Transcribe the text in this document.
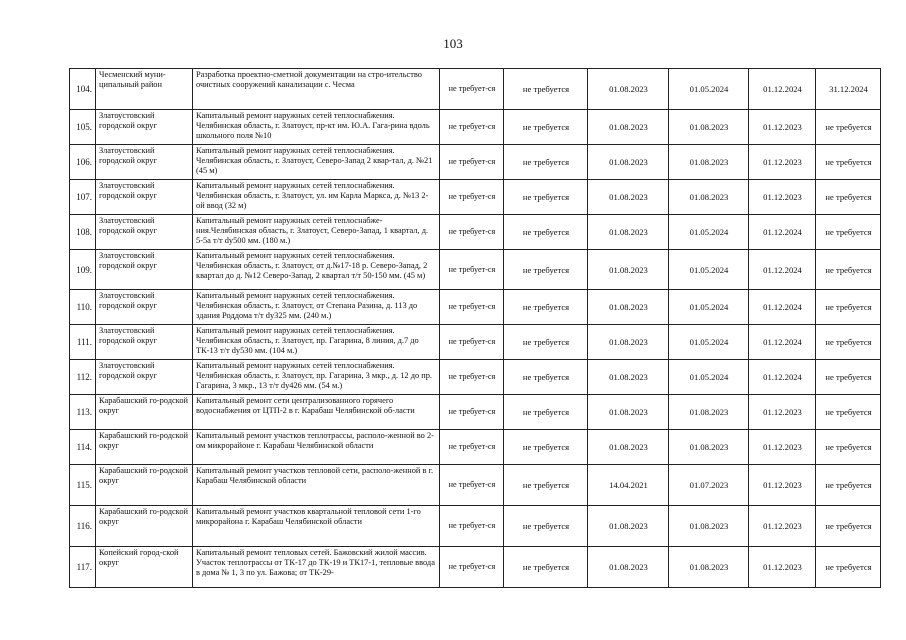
103
104.	Чесменский муни-ципальный район	Разработка проектно-сметной документации на стро-ительство очистных сооружений канализации с. Чесма	не требует-ся	не требуется	01.08.2023	01.05.2024	01.12.2024	31.12.2024
105.	Златоустовский городской округ	Капитальный ремонт наружных сетей теплоснабжения. Челябинская область, г. Златоуст, пр-кт им. Ю.А. Гага-рина вдоль школьного поля №10	не требует-ся	не требуется	01.08.2023	01.08.2023	01.12.2023	не требуется
106.	Златоустовский городской округ	Капитальный ремонт наружных сетей теплоснабжения. Челябинская область, г. Златоуст, Северо-Запад 2 квар-тал, д. №21 (45 м)	не требует-ся	не требуется	01.08.2023	01.08.2023	01.12.2023	не требуется
107.	Златоустовский городской округ	Капитальный ремонт наружных сетей теплоснабжения. Челябинская область, г. Златоуст, ул. им Карла Маркса, д. №13 2-ой ввод (32 м)	не требует-ся	не требуется	01.08.2023	01.08.2023	01.12.2023	не требуется
108.	Златоустовский городской округ	Капитальный ремонт наружных сетей теплоснабже-ния.Челябинская область, г. Златоуст, Северо-Запад, 1 квартал, д. 5-5а т/т dy500 мм. (180 м.)	не требует-ся	не требуется	01.08.2023	01.05.2024	01.12.2024	не требуется
109.	Златоустовский городской округ	Капитальный ремонт наружных сетей теплоснабжения. Челябинская область, г. Златоуст, от д.№17-18 р. Северо-Запад, 2 квартал до д. №12 Северо-Запад, 2 квартал т/т 50-150 мм. (45 м)	не требует-ся	не требуется	01.08.2023	01.05.2024	01.12.2024	не требуется
110.	Златоустовский городской округ	Капитальный ремонт наружных сетей теплоснабжения. Челябинская область, г. Златоуст, от Степана Разина, д. 113 до здания Роддома т/т dy325 мм. (240 м.)	не требует-ся	не требуется	01.08.2023	01.05.2024	01.12.2024	не требуется
111.	Златоустовский городской округ	Капитальный ремонт наружных сетей теплоснабжения. Челябинская область, г. Златоуст, пр. Гагарина, 8 линия, д.7 до ТК-13 т/т dy530 мм. (104 м.)	не требует-ся	не требуется	01.08.2023	01.05.2024	01.12.2024	не требуется
112.	Златоустовский городской округ	Капитальный ремонт наружных сетей теплоснабжения. Челябинская область, г. Златоуст, пр. Гагарина, 3 мкр., д. 12 до пр. Гагарина, 3 мкр., 13 т/т dy426 мм. (54 м.)	не требует-ся	не требуется	01.08.2023	01.05.2024	01.12.2024	не требуется
113.	Карабашский го-родской округ	Капитальный ремонт сети централизованного горячего водоснабжения от ЦТП-2 в г. Карабаш Челябинской об-ласти	не требует-ся	не требуется	01.08.2023	01.08.2023	01.12.2023	не требуется
114.	Карабашский го-родской округ	Капитальный ремонт участков теплотрассы, располо-женной во 2-ом микрорайоне г. Карабаш Челябинской области	не требует-ся	не требуется	01.08.2023	01.08.2023	01.12.2023	не требуется
115.	Карабашский го-родской округ	Капитальный ремонт участков тепловой сети, располо-женной в г. Карабаш Челябинской области	не требует-ся	не требуется	14.04.2021	01.07.2023	01.12.2023	не требуется
116.	Карабашский го-родской округ	Капитальный ремонт участков квартальной тепловой сети 1-го микрорайона г. Карабаш Челябинской области	не требует-ся	не требуется	01.08.2023	01.08.2023	01.12.2023	не требуется
117.	Копейский город-ской округ	Капитальный ремонт тепловых сетей. Бажовский жилой массив. Участок теплотрассы от ТК-17 до ТК-19 и ТК17-1, тепловые ввода в дома № 1, 3 по ул. Бажова; от ТК-29-	не требует-ся	не требуется	01.08.2023	01.08.2023	01.12.2023	не требуется
